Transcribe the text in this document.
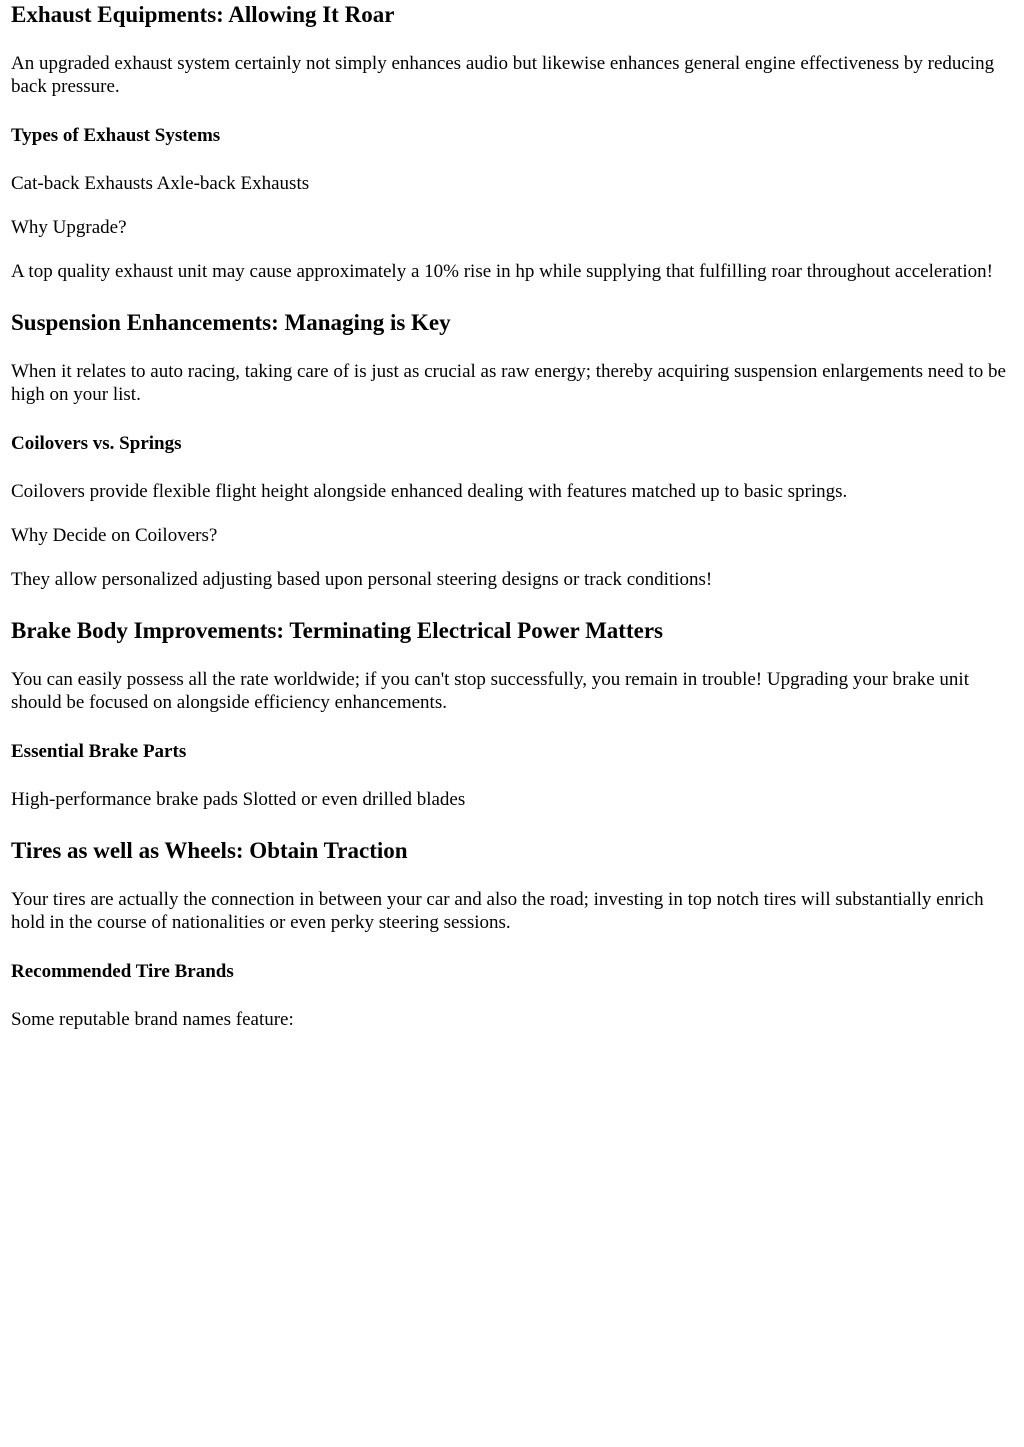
Exhaust Equipments: Allowing It Roar

An upgraded exhaust system certainly not simply enhances audio but likewise enhances general engine effectiveness by reducing back pressure.

Types of Exhaust Systems

Cat-back Exhausts Axle-back Exhausts

Why Upgrade?

A top quality exhaust unit may cause approximately a 10% rise in hp while supplying that fulfilling roar throughout acceleration!

Suspension Enhancements: Managing is Key

When it relates to auto racing, taking care of is just as crucial as raw energy; thereby acquiring suspension enlargements need to be high on your list.

Coilovers vs. Springs

Coilovers provide flexible flight height alongside enhanced dealing with features matched up to basic springs.

Why Decide on Coilovers?

They allow personalized adjusting based upon personal steering designs or track conditions!

Brake Body Improvements: Terminating Electrical Power Matters

You can easily possess all the rate worldwide; if you can't stop successfully, you remain in trouble! Upgrading your brake unit should be focused on alongside efficiency enhancements.

Essential Brake Parts

High-performance brake pads Slotted or even drilled blades

Tires as well as Wheels: Obtain Traction

Your tires are actually the connection in between your car and also the road; investing in top notch tires will substantially enrich hold in the course of nationalities or even perky steering sessions.

Recommended Tire Brands

Some reputable brand names feature:
